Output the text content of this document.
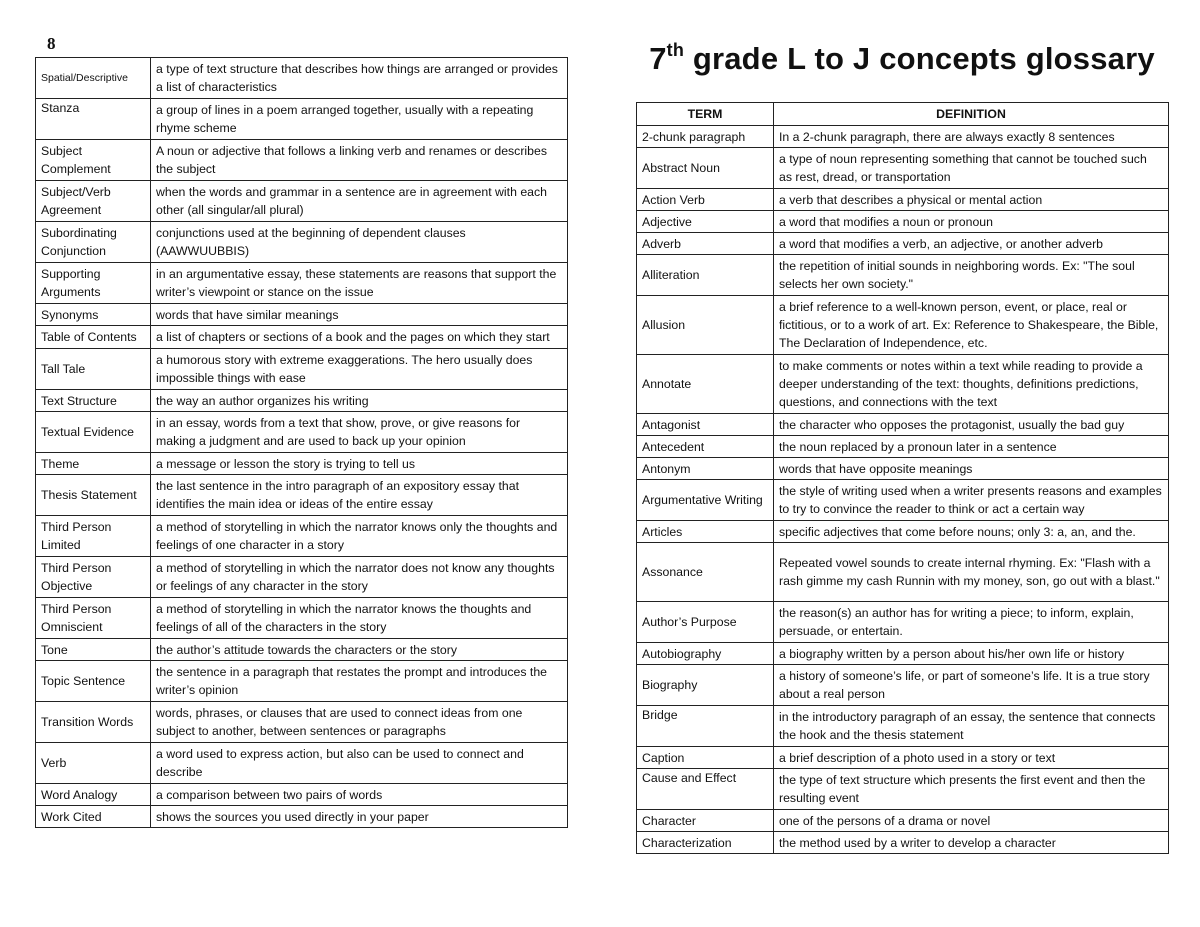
8	7th grade L to J concepts glossary
Spatial/Descriptive	a type of text structure that describes how things are arranged or provides a list of characteristics
Stanza	a group of lines in a poem arranged together, usually with a repeating rhyme scheme
Subject Complement	A noun or adjective that follows a linking verb and renames or describes the subject
Subject/Verb Agreement	when the words and grammar in a sentence are in agreement with each other (all singular/all plural)
Subordinating Conjunction	conjunctions used at the beginning of dependent clauses (AAWWUUBBIS)
Supporting Arguments	in an argumentative essay, these statements are reasons that support the writer’s viewpoint or stance on the issue
Synonyms	words that have similar meanings
Table of Contents	a list of chapters or sections of a book and the pages on which they start
Tall Tale	a humorous story with extreme exaggerations. The hero usually does impossible things with ease
Text Structure	the way an author organizes his writing
Textual Evidence	in an essay, words from a text that show, prove, or give reasons for making a judgment and are used to back up your opinion
Theme	a message or lesson the story is trying to tell us
Thesis Statement	the last sentence in the intro paragraph of an expository essay that identifies the main idea or ideas of the entire essay
Third Person Limited	a method of storytelling in which the narrator knows only the thoughts and feelings of one character in a story
Third Person Objective	a method of storytelling in which the narrator does not know any thoughts or feelings of any character in the story
Third Person Omniscient	a method of storytelling in which the narrator knows the thoughts and feelings of all of the characters in the story
Tone	the author’s attitude towards the characters or the story
Topic Sentence	the sentence in a paragraph that restates the prompt and introduces the writer’s opinion
Transition Words	words, phrases, or clauses that are used to connect ideas from one subject to another, between sentences or paragraphs
Verb	a word used to express action, but also can be used to connect and describe
Word Analogy	a comparison between two pairs of words
Work Cited	shows the sources you used directly in your paper
TERM	DEFINITION
2-chunk paragraph	In a 2-chunk paragraph, there are always exactly 8 sentences
Abstract Noun	a type of noun representing something that cannot be touched such as rest, dread, or transportation
Action Verb	a verb that describes a physical or mental action
Adjective	a word that modifies a noun or pronoun
Adverb	a word that modifies a verb, an adjective, or another adverb
Alliteration	the repetition of initial sounds in neighboring words. Ex: "The soul selects her own society."
Allusion	a brief reference to a well-known person, event, or place, real or fictitious, or to a work of art. Ex: Reference to Shakespeare, the Bible, The Declaration of Independence, etc.
Annotate	to make comments or notes within a text while reading to provide a deeper understanding of the text: thoughts, definitions predictions, questions, and connections with the text
Antagonist	the character who opposes the protagonist, usually the bad guy
Antecedent	the noun replaced by a pronoun later in a sentence
Antonym	words that have opposite meanings
Argumentative Writing	the style of writing used when a writer presents reasons and examples to try to convince the reader to think or act a certain way
Articles	specific adjectives that come before nouns; only 3: a, an, and the.
Assonance	Repeated vowel sounds to create internal rhyming. Ex: "Flash with a rash gimme my cash Runnin with my money, son, go out with a blast."
Author’s Purpose	the reason(s) an author has for writing a piece; to inform, explain, persuade, or entertain.
Autobiography	a biography written by a person about his/her own life or history
Biography	a history of someone’s life, or part of someone’s life. It is a true story about a real person
Bridge	in the introductory paragraph of an essay, the sentence that connects the hook and the thesis statement
Caption	a brief description of a photo used in a story or text
Cause and Effect	the type of text structure which presents the first event and then the resulting event
Character	one of the persons of a drama or novel
Characterization	the method used by a writer to develop a character
